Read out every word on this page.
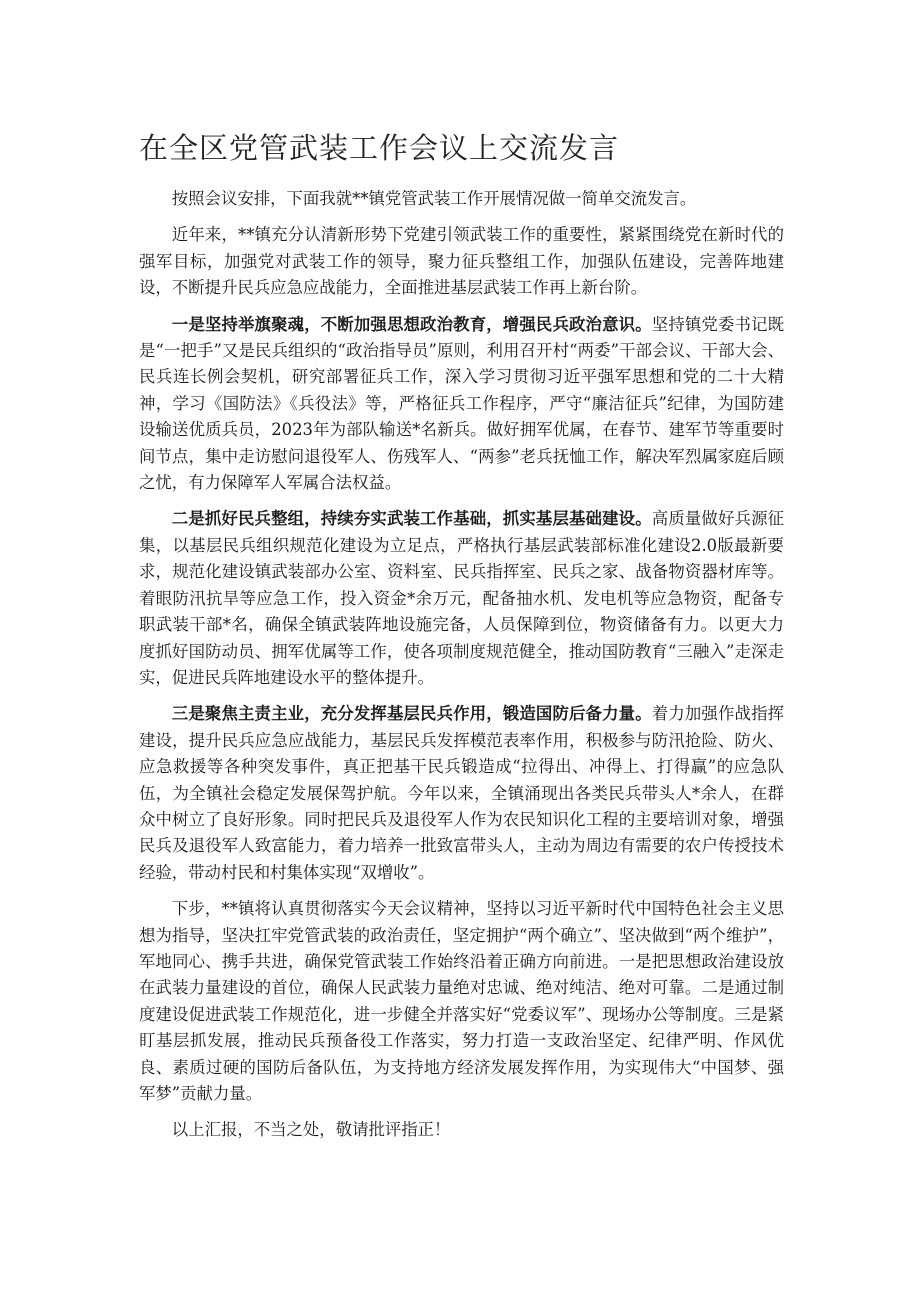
在全区党管武装工作会议上交流发言

按照会议安排，下面我就**镇党管武装工作开展情况做一简单交流发言。

近年来，**镇充分认清新形势下党建引领武装工作的重要性，紧紧围绕党在新时代的强军目标，加强党对武装工作的领导，聚力征兵整组工作，加强队伍建设，完善阵地建设，不断提升民兵应急应战能力，全面推进基层武装工作再上新台阶。

一是坚持举旗聚魂，不断加强思想政治教育，增强民兵政治意识。坚持镇党委书记既是“一把手”又是民兵组织的“政治指导员”原则，利用召开村“两委”干部会议、干部大会、民兵连长例会契机，研究部署征兵工作，深入学习贯彻习近平强军思想和党的二十大精神，学习《国防法》《兵役法》等，严格征兵工作程序，严守“廉洁征兵”纪律，为国防建设输送优质兵员，2023年为部队输送*名新兵。做好拥军优属，在春节、建军节等重要时间节点，集中走访慰问退役军人、伤残军人、“两参”老兵抚恤工作，解决军烈属家庭后顾之忧，有力保障军人军属合法权益。

二是抓好民兵整组，持续夯实武装工作基础，抓实基层基础建设。高质量做好兵源征集，以基层民兵组织规范化建设为立足点，严格执行基层武装部标准化建设2.0版最新要求，规范化建设镇武装部办公室、资料室、民兵指挥室、民兵之家、战备物资器材库等。着眼防汛抗旱等应急工作，投入资金*余万元，配备抽水机、发电机等应急物资，配备专职武装干部*名，确保全镇武装阵地设施完备，人员保障到位，物资储备有力。以更大力度抓好国防动员、拥军优属等工作，使各项制度规范健全，推动国防教育“三融入”走深走实，促进民兵阵地建设水平的整体提升。

三是聚焦主责主业，充分发挥基层民兵作用，锻造国防后备力量。着力加强作战指挥建设，提升民兵应急应战能力，基层民兵发挥模范表率作用，积极参与防汛抢险、防火、应急救援等各种突发事件，真正把基干民兵锻造成“拉得出、冲得上、打得赢”的应急队伍，为全镇社会稳定发展保驾护航。今年以来，全镇涌现出各类民兵带头人*余人，在群众中树立了良好形象。同时把民兵及退役军人作为农民知识化工程的主要培训对象，增强民兵及退役军人致富能力，着力培养一批致富带头人，主动为周边有需要的农户传授技术经验，带动村民和村集体实现“双增收”。

下步，**镇将认真贯彻落实今天会议精神，坚持以习近平新时代中国特色社会主义思想为指导，坚决扛牢党管武装的政治责任，坚定拥护“两个确立”、坚决做到“两个维护”，军地同心、携手共进，确保党管武装工作始终沿着正确方向前进。一是把思想政治建设放在武装力量建设的首位，确保人民武装力量绝对忠诚、绝对纯洁、绝对可靠。二是通过制度建设促进武装工作规范化，进一步健全并落实好“党委议军”、现场办公等制度。三是紧盯基层抓发展，推动民兵预备役工作落实，努力打造一支政治坚定、纪律严明、作风优良、素质过硬的国防后备队伍，为支持地方经济发展发挥作用，为实现伟大“中国梦、强军梦”贡献力量。

以上汇报，不当之处，敬请批评指正！
